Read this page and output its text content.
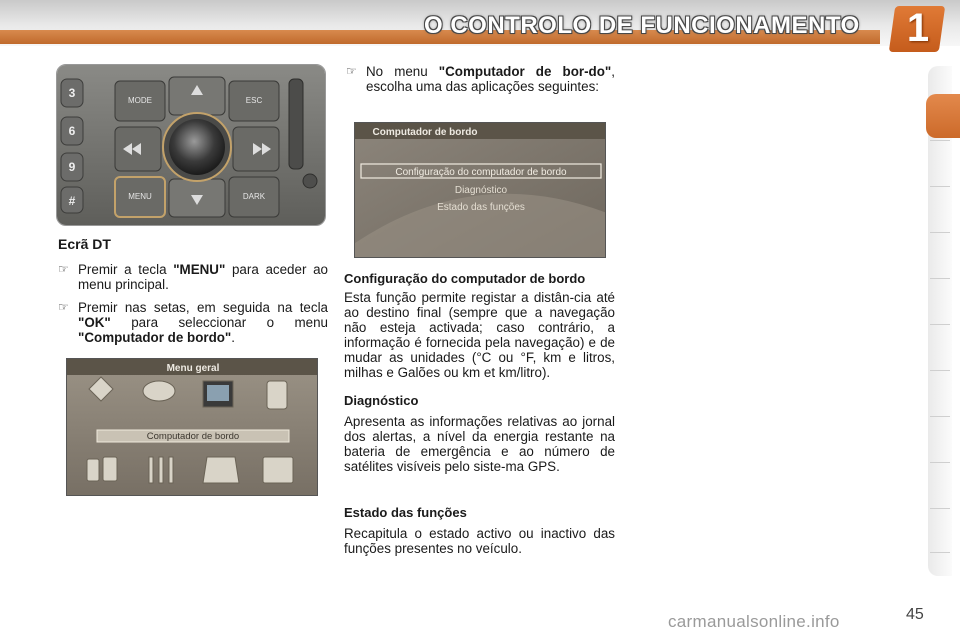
O CONTROLO DE FUNCIONAMENTO 1
3
6
9
#
MODE	ESC
MENU	DARK
Ecrã DT
☞ Premir a tecla "MENU" para aceder ao menu principal.
☞ Premir nas setas, em seguida na tecla "OK" para seleccionar o menu "Computador de bordo".
Menu geral
Computador de bordo
Computador de bordo
Configuração do computador de bordo
Diagnóstico
Estado das funções
☞ No menu "Computador de bor-do", escolha uma das aplicações seguintes:
Configuração do computador de bordo
Esta função permite registar a distân-cia até ao destino final (sempre que a navegação não esteja activada; caso contrário, a informação é fornecida pela navegação) e de mudar as unidades (°C ou °F, km e litros, milhas e Galões ou km et km/litro).
Diagnóstico
Apresenta as informações relativas ao jornal dos alertas, a nível da energia restante na bateria de emergência e ao número de satélites visíveis pelo siste-ma GPS.
Estado das funções
Recapitula o estado activo ou inactivo das funções presentes no veículo.
carmanualsonline.info	45
